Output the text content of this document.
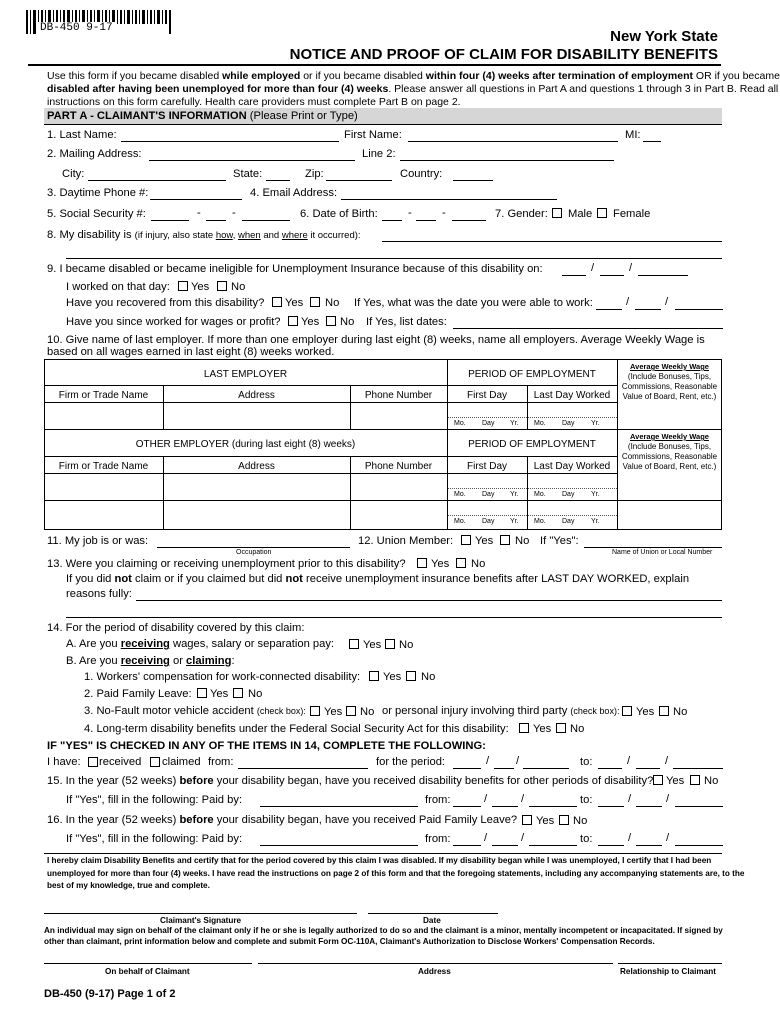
DB-450 9-17	New York State
NOTICE AND PROOF OF CLAIM FOR DISABILITY BENEFITS
Use this form if you became disabled while employed or if you became disabled within four (4) weeks after termination of employment OR if you became
disabled after having been unemployed for more than four (4) weeks. Please answer all questions in Part A and questions 1 through 3 in Part B. Read all
instructions on this form carefully. Health care providers must complete Part B on page 2.
PART A - CLAIMANT'S INFORMATION (Please Print or Type)
1. Last Name:	First Name:	MI:
2. Mailing Address:	Line 2:
City:	State:	Zip:	Country:
3. Daytime Phone #:	4. Email Address:
5. Social Security #:	-	-	6. Date of Birth:	-	-	7. Gender: Male Female
8. My disability is (if injury, also state how, when and where it occurred):
9. I became disabled or became ineligible for Unemployment Insurance because of this disability on:	/	/
I worked on that day: Yes No
Have you recovered from this disability? Yes No If Yes, what was the date you were able to work:	/	/
Have you since worked for wages or profit? Yes No If Yes, list dates:
10. Give name of last employer. If more than one employer during last eight (8) weeks, name all employers. Average Weekly Wage is
based on all wages earned in last eight (8) weeks worked.
LAST EMPLOYER	PERIOD OF EMPLOYMENT
Firm or Trade Name	Address	Phone Number	First Day	Last Day Worked
Average Weekly Wage
(Include Bonuses, Tips,
Commissions, Reasonable
Value of Board, Rent, etc.)
Mo. Day Yr. Mo. Day Yr.
OTHER EMPLOYER (during last eight (8) weeks)	PERIOD OF EMPLOYMENT
Firm or Trade Name	Address	Phone Number	First Day	Last Day Worked
Average Weekly Wage
(Include Bonuses, Tips,
Commissions, Reasonable
Value of Board, Rent, etc.)
Mo. Day Yr. Mo. Day Yr.
Mo. Day Yr. Mo. Day Yr.
11. My job is or was:
Occupation
12. Union Member: Yes No If "Yes":
Name of Union or Local Number
13. Were you claiming or receiving unemployment prior to this disability? Yes No
If you did not claim or if you claimed but did not receive unemployment insurance benefits after LAST DAY WORKED, explain
reasons fully:
14. For the period of disability covered by this claim:
A. Are you receiving wages, salary or separation pay:	Yes No
B. Are you receiving or claiming:
1. Workers' compensation for work-connected disability: Yes No
2. Paid Family Leave: Yes No
3. No-Fault motor vehicle accident (check box): Yes No or personal injury involving third party (check box): Yes No
4. Long-term disability benefits under the Federal Social Security Act for this disability: Yes No
IF "YES" IS CHECKED IN ANY OF THE ITEMS IN 14, COMPLETE THE FOLLOWING:
I have: received claimed from:	for the period:	/ /	to:	/	/
15. In the year (52 weeks) before your disability began, have you received disability benefits for other periods of disability? Yes No
If "Yes", fill in the following: Paid by:	from:	/	/	to:	/	/
16. In the year (52 weeks) before your disability began, have you received Paid Family Leave? Yes No
If "Yes", fill in the following: Paid by:	from:	/	/	to:	/	/
I hereby claim Disability Benefits and certify that for the period covered by this claim I was disabled. If my disability began while I was unemployed, I certify that I had been
unemployed for more than four (4) weeks. I have read the instructions on page 2 of this form and that the foregoing statements, including any accompanying statements are, to the
best of my knowledge, true and complete.
Claimant's Signature	Date
An individual may sign on behalf of the claimant only if he or she is legally authorized to do so and the claimant is a minor, mentally incompetent or incapacitated. If signed by
other than claimant, print information below and complete and submit Form OC-110A, Claimant's Authorization to Disclose Workers' Compensation Records.
On behalf of Claimant	Address	Relationship to Claimant
DB-450 (9-17) Page 1 of 2
